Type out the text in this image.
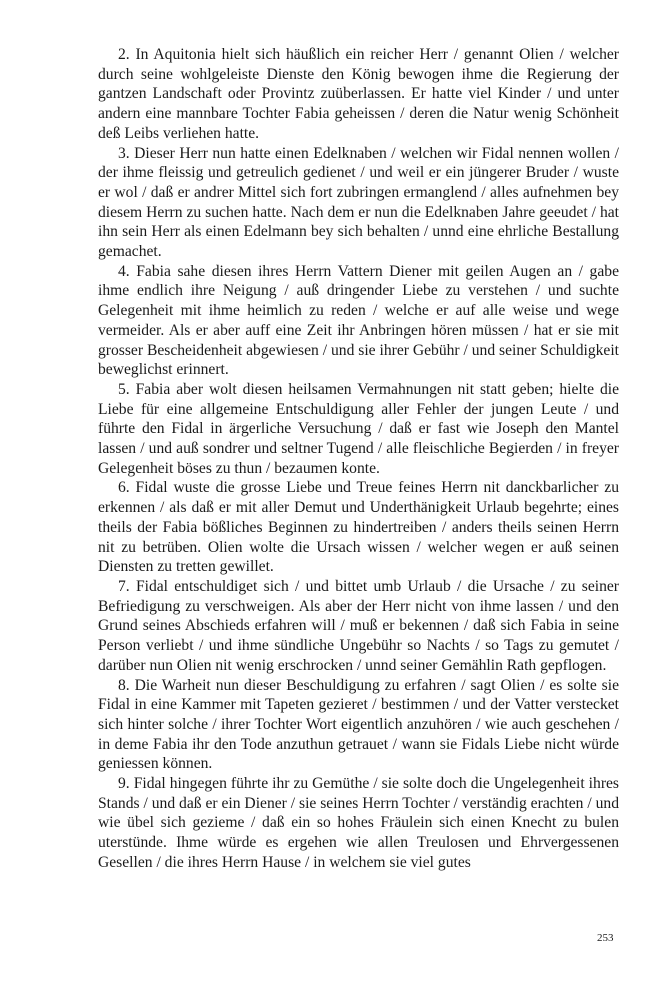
2. In Aquitonia hielt sich häußlich ein reicher Herr / genannt Olien / welcher durch seine wohlgeleiste Dienste den König bewogen ihme die Regierung der gantzen Landschaft oder Provintz zuüberlassen. Er hatte viel Kinder / und unter andern eine mannbare Tochter Fabia geheissen / deren die Natur wenig Schönheit deß Leibs verliehen hatte.

3. Dieser Herr nun hatte einen Edelknaben / welchen wir Fidal nennen wollen / der ihme fleissig und getreulich gedienet / und weil er ein jüngerer Bruder / wuste er wol / daß er andrer Mittel sich fort zubringen ermanglend / alles aufnehmen bey diesem Herrn zu suchen hatte. Nach dem er nun die Edelknaben Jahre geeudet / hat ihn sein Herr als einen Edelmann bey sich behalten / unnd eine ehrliche Bestallung gemachet.

4. Fabia sahe diesen ihres Herrn Vattern Diener mit geilen Augen an / gabe ihme endlich ihre Neigung / auß dringender Liebe zu verstehen / und suchte Gelegenheit mit ihme heimlich zu reden / welche er auf alle weise und wege vermeider. Als er aber auff eine Zeit ihr Anbringen hören müssen / hat er sie mit grosser Bescheidenheit abgewiesen / und sie ihrer Gebühr / und seiner Schuldigkeit beweglichst erinnert.

5. Fabia aber wolt diesen heilsamen Vermahnungen nit statt geben; hielte die Liebe für eine allgemeine Entschuldigung aller Fehler der jungen Leute / und führte den Fidal in ärgerliche Versuchung / daß er fast wie Joseph den Mantel lassen / und auß sondrer und seltner Tugend / alle fleischliche Begierden / in freyer Gelegenheit böses zu thun / bezaumen konte.

6. Fidal wuste die grosse Liebe und Treue feines Herrn nit danckbarlicher zu erkennen / als daß er mit aller Demut und Underthänigkeit Urlaub begehrte; eines theils der Fabia bößliches Beginnen zu hindertreiben / anders theils seinen Herrn nit zu betrüben. Olien wolte die Ursach wissen / welcher wegen er auß seinen Diensten zu tretten gewillet.

7. Fidal entschuldiget sich / und bittet umb Urlaub / die Ursache / zu seiner Befriedigung zu verschweigen. Als aber der Herr nicht von ihme lassen / und den Grund seines Abschieds erfahren will / muß er bekennen / daß sich Fabia in seine Person verliebt / und ihme sündliche Ungebühr so Nachts / so Tags zu gemutet / darüber nun Olien nit wenig erschrocken / unnd seiner Gemählin Rath gepflogen.

8. Die Warheit nun dieser Beschuldigung zu erfahren / sagt Olien / es solte sie Fidal in eine Kammer mit Tapeten gezieret / bestimmen / und der Vatter verstecket sich hinter solche / ihrer Tochter Wort eigentlich anzuhören / wie auch geschehen / in deme Fabia ihr den Tode anzuthun getrauet / wann sie Fidals Liebe nicht würde geniessen können.

9. Fidal hingegen führte ihr zu Gemüthe / sie solte doch die Ungelegenheit ihres Stands / und daß er ein Diener / sie seines Herrn Tochter / verständig erachten / und wie übel sich gezieme / daß ein so hohes Fräulein sich einen Knecht zu bulen uterstünde. Ihme würde es ergehen wie allen Treulosen und Ehrvergessenen Gesellen / die ihres Herrn Hause / in welchem sie viel gutes

253
